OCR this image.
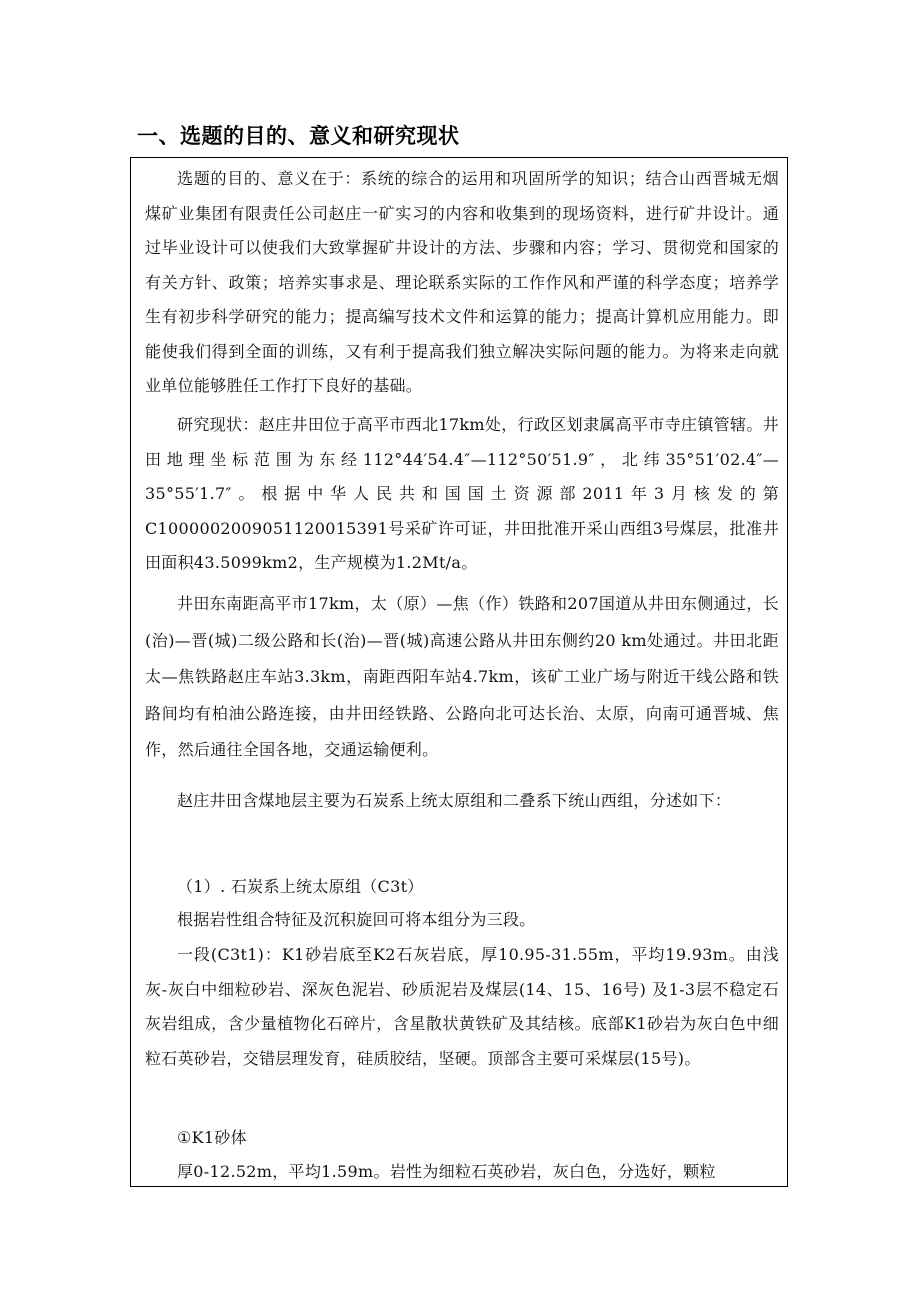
一、选题的目的、意义和研究现状

选题的目的、意义在于：系统的综合的运用和巩固所学的知识；结合山西晋城无烟煤矿业集团有限责任公司赵庄一矿实习的内容和收集到的现场资料，进行矿井设计。通过毕业设计可以使我们大致掌握矿井设计的方法、步骤和内容；学习、贯彻党和国家的有关方针、政策；培养实事求是、理论联系实际的工作作风和严谨的科学态度；培养学生有初步科学研究的能力；提高编写技术文件和运算的能力；提高计算机应用能力。即能使我们得到全面的训练，又有利于提高我们独立解决实际问题的能力。为将来走向就业单位能够胜任工作打下良好的基础。

研究现状：赵庄井田位于高平市西北17km处，行政区划隶属高平市寺庄镇管辖。井田地理坐标范围为东经112°44′54.4″—112°50′51.9″，北纬35°51′02.4″—35°55′1.7″。根据中华人民共和国国土资源部2011年3月核发的第C1000002009051120015391号采矿许可证，井田批准开采山西组3号煤层，批准井田面积43.5099km2，生产规模为1.2Mt/a。

井田东南距高平市17km，太（原）—焦（作）铁路和207国道从井田东侧通过，长(治)—晋(城)二级公路和长(治)—晋(城)高速公路从井田东侧约20 km处通过。井田北距太—焦铁路赵庄车站3.3km，南距西阳车站4.7km，该矿工业广场与附近干线公路和铁路间均有柏油公路连接，由井田经铁路、公路向北可达长治、太原，向南可通晋城、焦作，然后通往全国各地，交通运输便利。

赵庄井田含煤地层主要为石炭系上统太原组和二叠系下统山西组，分述如下：

（1）. 石炭系上统太原组（C3t）

根据岩性组合特征及沉积旋回可将本组分为三段。

一段(C3t1)：K1砂岩底至K2石灰岩底，厚10.95-31.55m，平均19.93m。由浅灰-灰白中细粒砂岩、深灰色泥岩、砂质泥岩及煤层(14、15、16号) 及1-3层不稳定石灰岩组成，含少量植物化石碎片，含星散状黄铁矿及其结核。底部K1砂岩为灰白色中细粒石英砂岩，交错层理发育，硅质胶结，坚硬。顶部含主要可采煤层(15号)。

①K1砂体

厚0-12.52m，平均1.59m。岩性为细粒石英砂岩，灰白色，分选好，颗粒
